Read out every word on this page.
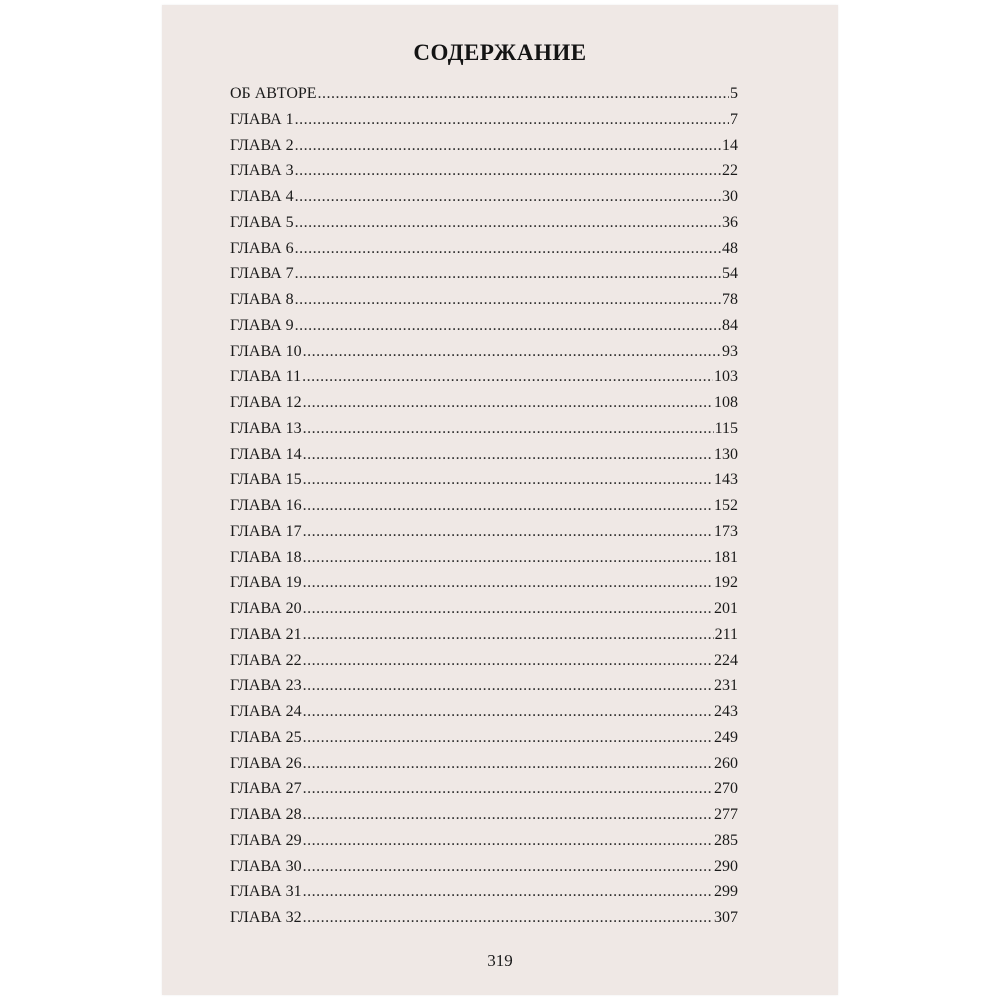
СОДЕРЖАНИЕ
ОБ АВТОРЕ .....	5
ГЛАВА 1 .....	7
ГЛАВА 2 .....	14
ГЛАВА 3 .....	22
ГЛАВА 4 .....	30
ГЛАВА 5 .....	36
ГЛАВА 6 .....	48
ГЛАВА 7 .....	54
ГЛАВА 8 .....	78
ГЛАВА 9 .....	84
ГЛАВА 10 .....	93
ГЛАВА 11 .....	103
ГЛАВА 12 .....	108
ГЛАВА 13 .....	115
ГЛАВА 14 .....	130
ГЛАВА 15 .....	143
ГЛАВА 16 .....	152
ГЛАВА 17 .....	173
ГЛАВА 18 .....	181
ГЛАВА 19 .....	192
ГЛАВА 20 .....	201
ГЛАВА 21 .....	211
ГЛАВА 22 .....	224
ГЛАВА 23 .....	231
ГЛАВА 24 .....	243
ГЛАВА 25 .....	249
ГЛАВА 26 .....	260
ГЛАВА 27 .....	270
ГЛАВА 28 .....	277
ГЛАВА 29 .....	285
ГЛАВА 30 .....	290
ГЛАВА 31 .....	299
ГЛАВА 32 .....	307
319
